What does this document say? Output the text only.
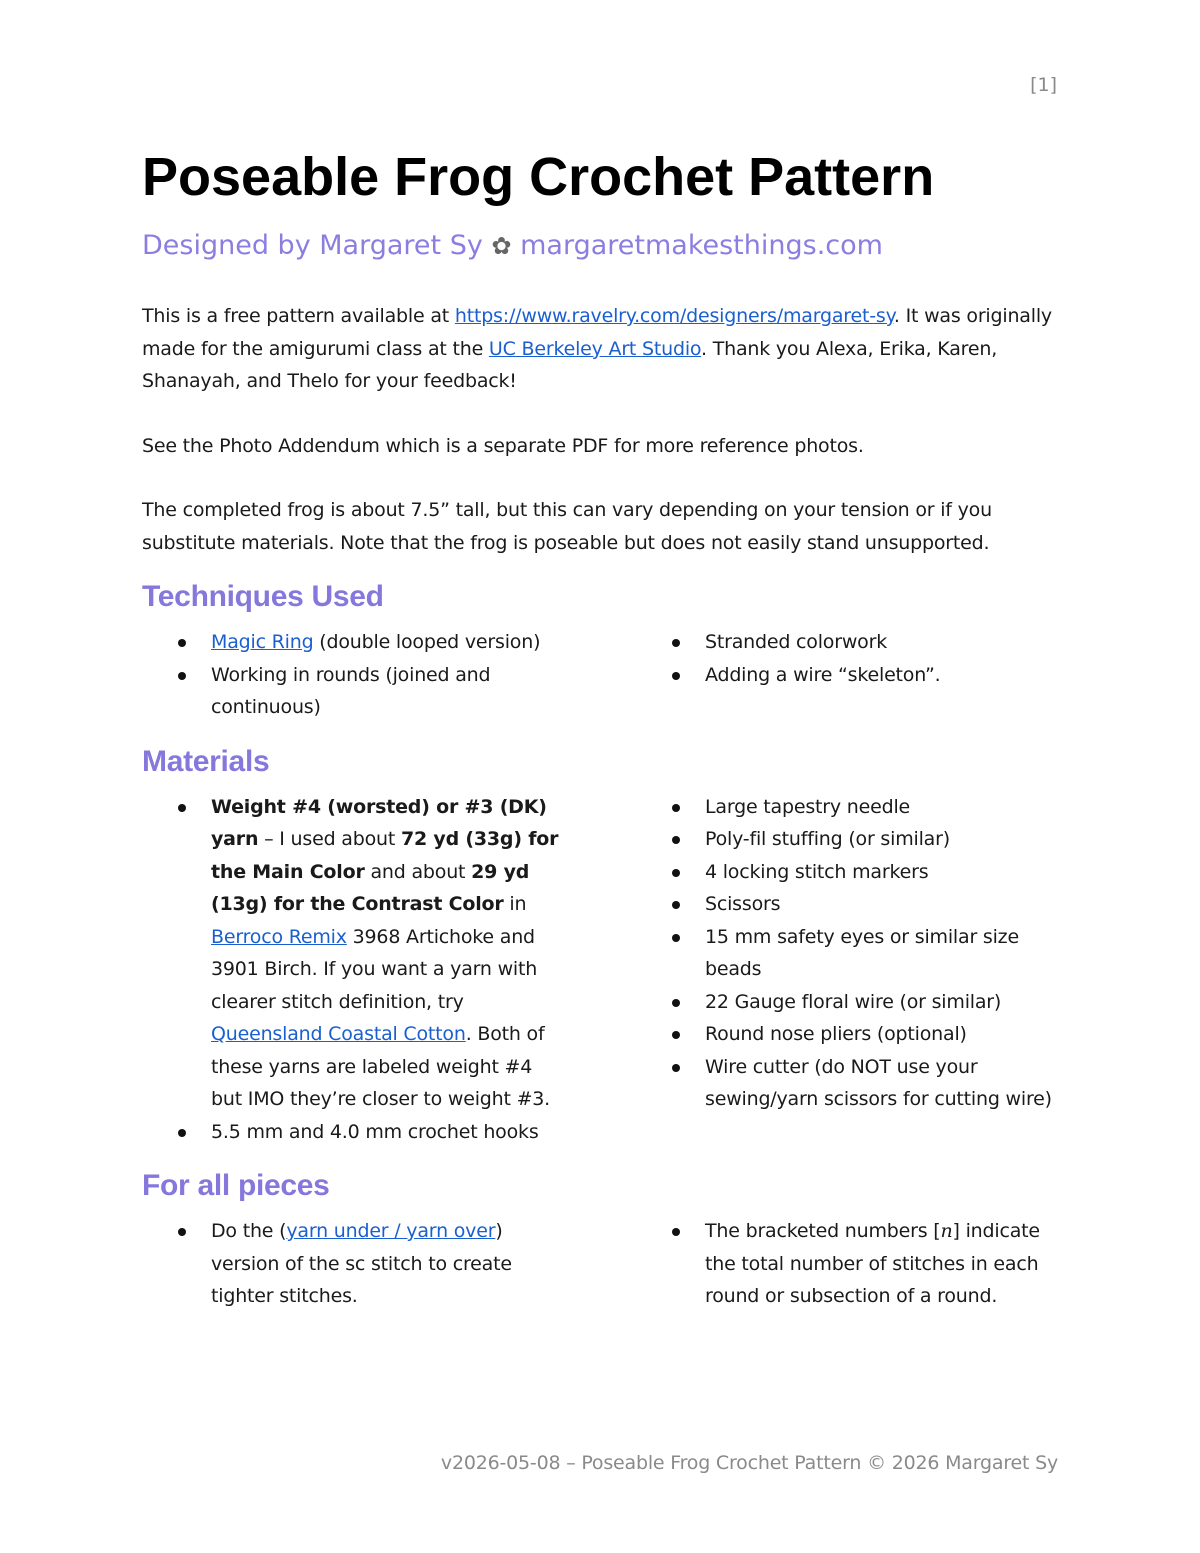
[1]
Poseable Frog Crochet Pattern
Designed by Margaret Sy ✿ margaretmakesthings.com

This is a free pattern available at https://www.ravelry.com/designers/margaret-sy. It was originally made for the amigurumi class at the UC Berkeley Art Studio. Thank you Alexa, Erika, Karen, Shanayah, and Thelo for your feedback!

See the Photo Addendum which is a separate PDF for more reference photos.

The completed frog is about 7.5” tall, but this can vary depending on your tension or if you substitute materials. Note that the frog is poseable but does not easily stand unsupported.

Techniques Used
Magic Ring (double looped version)
Working in rounds (joined and continuous)
Stranded colorwork
Adding a wire “skeleton”.
Materials
Weight #4 (worsted) or #3 (DK) yarn – I used about 72 yd (33g) for the Main Color and about 29 yd (13g) for the Contrast Color in Berroco Remix 3968 Artichoke and 3901 Birch. If you want a yarn with clearer stitch definition, try Queensland Coastal Cotton. Both of these yarns are labeled weight #4 but IMO they’re closer to weight #3.
5.5 mm and 4.0 mm crochet hooks
Large tapestry needle
Poly-fil stuffing (or similar)
4 locking stitch markers
Scissors
15 mm safety eyes or similar size beads
22 Gauge floral wire (or similar)
Round nose pliers (optional)
Wire cutter (do NOT use your sewing/yarn scissors for cutting wire)
For all pieces
Do the (yarn under / yarn over) version of the sc stitch to create tighter stitches.
The bracketed numbers [n] indicate the total number of stitches in each round or subsection of a round.
v2026-05-08 – Poseable Frog Crochet Pattern © 2026 Margaret Sy
